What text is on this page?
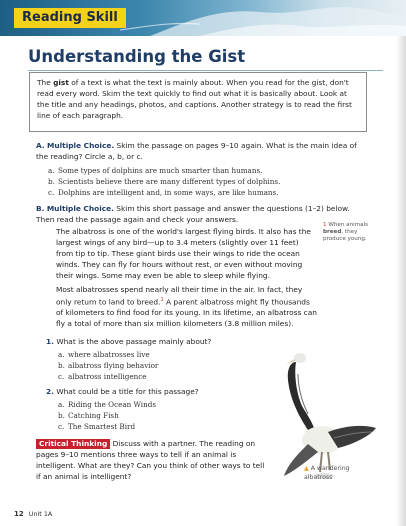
Reading Skill
Understanding the Gist
The gist of a text is what the text is mainly about. When you read for the gist, don't read every word. Skim the text quickly to find out what it is basically about. Look at the title and any headings, photos, and captions. Another strategy is to read the first line of each paragraph.
A. Multiple Choice. Skim the passage on pages 9–10 again. What is the main idea of the reading? Circle a, b, or c.
a. Some types of dolphins are much smarter than humans.
b. Scientists believe there are many different types of dolphins.
c. Dolphins are intelligent and, in some ways, are like humans.
B. Multiple Choice. Skim this short passage and answer the questions (1–2) below. Then read the passage again and check your answers.
The albatross is one of the world's largest flying birds. It also has the largest wings of any bird—up to 3.4 meters (slightly over 11 feet) from tip to tip. These giant birds use their wings to ride the ocean winds. They can fly for hours without rest, or even without moving their wings. Some may even be able to sleep while flying.
Most albatrosses spend nearly all their time in the air. In fact, they only return to land to breed.$^1$ A parent albatross might fly thousands of kilometers to find food for its young. In its lifetime, an albatross can fly a total of more than six million kilometers (3.8 million miles).
1 When animals breed, they produce young.
1. What is the above passage mainly about?
a. where albatrosses live
b. albatross flying behavior
c. albatross intelligence
2. What could be a title for this passage?
a. Riding the Ocean Winds
b. Catching Fish
c. The Smartest Bird
Critical Thinking Discuss with a partner. The reading on pages 9–10 mentions three ways to tell if an animal is intelligent. What are they? Can you think of other ways to tell if an animal is intelligent?
▲ A wandering albatross
12 Unit 1A
